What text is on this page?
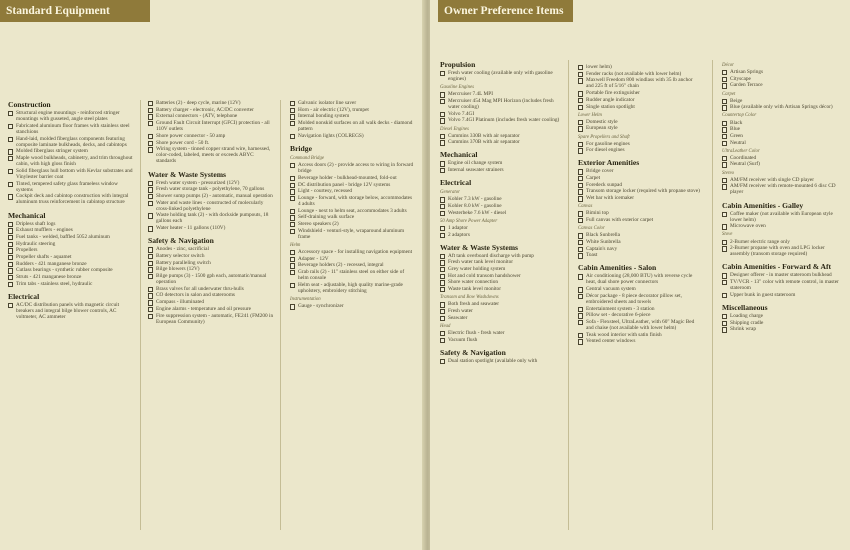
Standard Equipment
Construction
Structural engine mountings - reinforced stringer mountings with gusseted, angle steel plates
Fabricated aluminum floor frames with stainless steel stanchions
Hand-laid, molded fiberglass components featuring composite laminate bulkheads, decks, and cabintops
Molded fiberglass stringer system
Maple wood bulkheads, cabinetry, and trim throughout cabin, with high gloss finish
Solid fiberglass hull bottom with Kevlar substrates and Vinylester barrier coat
Tinted, tempered safety glass frameless window systems
Cockpit deck and cabintop construction with integral aluminum truss reinforcement in cabintop structure
Mechanical
Dripless shaft logs
Exhaust mufflers - engines
Fuel tanks - welded, baffled 5052 aluminum
Hydraulic steering
Propellers
Propeller shafts - aquamet
Rudders - 421 manganese bronze
Cutlass bearings - synthetic rubber composite
Struts - 421 manganese bronze
Trim tabs - stainless steel, hydraulic
Electrical
AC/DC distribution panels with magnetic circuit breakers and integral bilge blower controls, AC voltmeter, AC ammeter
Batteries (2) - deep cycle, marine (12V)
Battery charger - electronic, AC/DC converter
External connectors - (ATV, telephone
Ground Fault Circuit Interrupt (GFCI) protection - all 110V outlets
Shore power connector - 50 amp
Shore power cord - 50 ft.
Wiring system - tinned copper strand wire, harnessed, color-coded, labeled, meets or exceeds ABYC standards
Water & Waste Systems
Fresh water system - pressurized (12V)
Fresh water storage tank - polyethylene, 70 gallons
Shower sump pumps (2) - automatic, manual operation
Water and waste lines - constructed of molecularly cross-linked polyethylene
Waste holding tank (2) - with dockside pumpouts, 18 gallons each
Water heater - 11 gallons (110V)
Safety & Navigation
Anodes - zinc, sacrificial
Battery selector switch
Battery paralleling switch
Bilge blowers (12V)
Bilge pumps (3) - 1500 gph each, automatic/manual operation
Brass valves for all underwater thru-hulls
CO detectors in salon and staterooms
Compass - illuminated
Engine alarms - temperature and oil pressure
Fire suppression system - automatic, FE241 (FM200 in European Community)
Galvanic isolator line saver
Horn - air electric (12V), trumpet
Internal bonding system
Molded nonskid surfaces on all walk decks - diamond pattern
Navigation lights (COLREGS)
Bridge
Command Bridge
Access doors (2) - provide access to wiring in forward bridge
Beverage holder - bulkhead-mounted, fold-out
DC distribution panel - bridge 12V systems
Light - courtesy, recessed
Lounge - forward, with storage below, accommodates 4 adults
Lounge - next to helm seat, accommodates 3 adults
Self-draining walk surface
Stereo speakers (2)
Windshield - venturi-style, wraparound aluminum frame
Helm
Accessory space - for installing navigation equipment
Adapter - 12V
Beverage holders (2) - recessed, integral
Grab rails (2) - 11" stainless steel on either side of helm console
Helm seat - adjustable, high quality marine-grade upholstery, embroidery stitching
Instrumentation
Gauge - synchronizer
Owner Preference Items
Propulsion
Fresh water cooling (available only with gasoline engines)
Gasoline Engines
Mercruiser 7.4L MPI
Mercruiser 454 Mag MPI Horizon (includes fresh water cooling)
Volvo 7.4GI
Volvo 7.4GI Platinum (includes fresh water cooling)
Diesel Engines
Cummins 330B with air separator
Cummins 370B with air separator
Mechanical
Engine oil change system
Internal seawater strainers
Electrical
Generator
Kohler 7.3 kW - gasoline
Kohler 8.0 kW - gasoline
Westerbeke 7.6 kW - diesel
50 Amp Shore Power Adapter
1 adaptor
2 adaptors
Water & Waste Systems
Aft tank overboard discharge with pump
Fresh water tank level monitor
Grey water holding system
Hot and cold transom handshower
Shore water connection
Waste tank level monitor
Transom and Bow Washdowns
Both fresh and seawater
Fresh water
Seawater
Head
Electric flush - fresh water
Vacuum flush
Safety & Navigation
Dual station spotlight (available only with
lower helm)
Fender racks (not available with lower helm)
Maxwell Freedom 800 windlass with 35 lb anchor and 225 ft of 5/16" chain
Portable fire extinguisher
Rudder angle indicator
Single station spotlight
Lower Helm
Domestic style
European style
Spare Propellers and Shaft
For gasoline engines
For diesel engines
Exterior Amenities
Bridge cover
Carpet
Foredeck sunpad
Transom storage locker (required with propane stove)
Wet bar with icemaker
Canvas
Bimini top
Full canvas with exterior carpet
Canvas Color
Black Sunbrella
White Sunbrella
Captain's navy
Toast
Cabin Amenities - Salon
Air conditioning (28,000 BTU) with reverse cycle heat, dual shore power connectors
Central vacuum system
Décor package - 8 piece decorator pillow set, embroidered sheets and towels
Entertainment system - 3 station
Pillow set - decorative 6-piece
Sofa - Flexsteel, UltraLeather, with 60" Magic Bed and chaise (not available with lower helm)
Teak wood interior with satin finish
Vented center windows
Décor
Artisan Springs
Cityscape
Garden Terrace
Carpet
Beige
Blue (available only with Artisan Springs décor)
Countertop Color
Black
Blue
Green
Neutral
UltraLeather Color
Coordinated
Neutral (Surf)
Stereo
AM/FM receiver with single CD player
AM/FM receiver with remote-mounted 6 disc CD player
Cabin Amenities - Galley
Coffee maker (not available with European style lower helm)
Microwave oven
Stove
2-Burner electric range only
2-Burner propane with oven and LPG locker assembly (transom storage required)
Cabin Amenities - Forward & Aft
Designer offerer - in master stateroom bulkhead
TV/VCR - 13" color with remote control, in master stateroom
Upper bunk in guest stateroom
Miscellaneous
Loading charge
Shipping cradle
Shrink wrap
